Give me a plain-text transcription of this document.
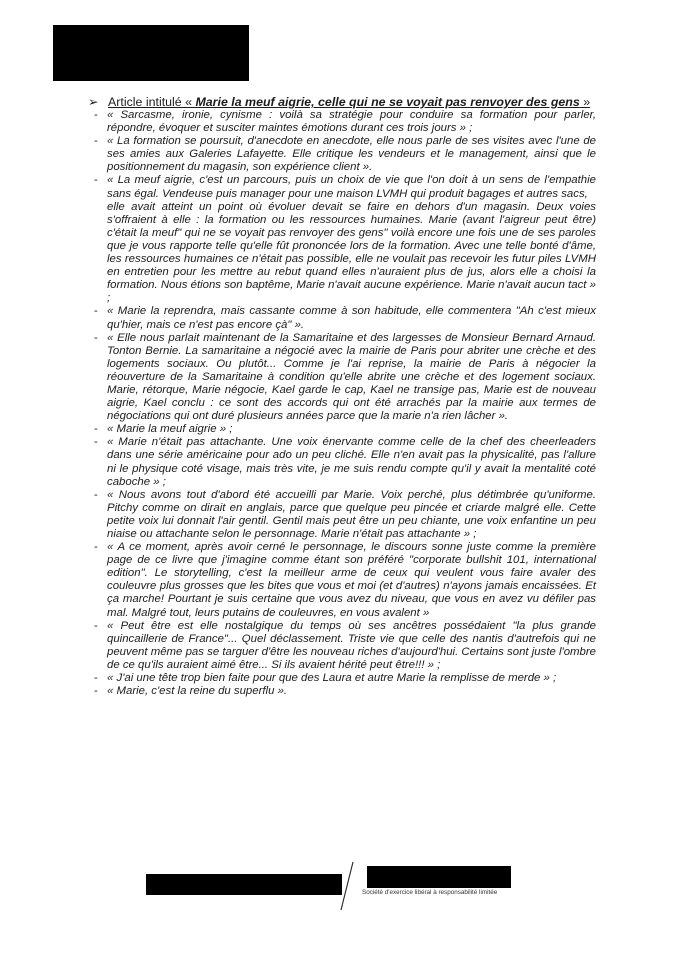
➢ Article intitulé « Marie la meuf aigrie, celle qui ne se voyait pas renvoyer des gens »
- « Sarcasme, ironie, cynisme : voilà sa stratégie pour conduire sa formation pour parler, répondre, évoquer et susciter maintes émotions durant ces trois jours » ;
- « La formation se poursuit, d'anecdote en anecdote, elle nous parle de ses visites avec l'une de ses amies aux Galeries Lafayette. Elle critique les vendeurs et le management, ainsi que le positionnement du magasin, son expérience client ».
- « La meuf aigrie, c'est un parcours, puis un choix de vie que l'on doit à un sens de l'empathie sans égal. Vendeuse puis manager pour une maison LVMH qui produit bagages et autres sacs,
elle avait atteint un point où évoluer devait se faire en dehors d'un magasin. Deux voies s'offraient à elle : la formation ou les ressources humaines. Marie (avant l'aigreur peut être) c'était la meuf" qui ne se voyait pas renvoyer des gens" voilà encore une fois une de ses paroles que je vous rapporte telle qu'elle fût prononcée lors de la formation. Avec une telle bonté d'âme, les ressources humaines ce n'était pas possible, elle ne voulait pas recevoir les futur piles LVMH en entretien pour les mettre au rebut quand elles n'auraient plus de jus, alors elle a choisi la formation. Nous étions son baptême, Marie n'avait aucune expérience. Marie n'avait aucun tact » ;
- « Marie la reprendra, mais cassante comme à son habitude, elle commentera "Ah c'est mieux qu'hier, mais ce n'est pas encore çà" ».
- « Elle nous parlait maintenant de la Samaritaine et des largesses de Monsieur Bernard Arnaud. Tonton Bernie. La samaritaine a négocié avec la mairie de Paris pour abriter une crèche et des logements sociaux. Ou plutôt... Comme je l'ai reprise, la mairie de Paris à négocier la réouverture de la Samaritaine à condition qu'elle abrite une crèche et des logement sociaux. Marie, rétorque, Marie négocie, Kael garde le cap, Kael ne transige pas, Marie est de nouveau aigrie, Kael conclu : ce sont des accords qui ont été arrachés par la mairie aux termes de négociations qui ont duré plusieurs années parce que la marie n'a rien lâcher ».
- « Marie la meuf aigrie » ;
- « Marie n'était pas attachante. Une voix énervante comme celle de la chef des cheerleaders dans une série américaine pour ado un peu cliché. Elle n'en avait pas la physicalité, pas l'allure ni le physique coté visage, mais très vite, je me suis rendu compte qu'il y avait la mentalité coté caboche » ;
- « Nous avons tout d'abord été accueilli par Marie. Voix perché, plus détimbrée qu'uniforme. Pitchy comme on dirait en anglais, parce que quelque peu pincée et criarde malgré elle. Cette petite voix lui donnait l'air gentil. Gentil mais peut être un peu chiante, une voix enfantine un peu niaise ou attachante selon le personnage. Marie n'était pas attachante » ;
- « A ce moment, après avoir cerné le personnage, le discours sonne juste comme la première page de ce livre que j'imagine comme étant son préféré "corporate bullshit 101, international edition". Le storytelling, c'est la meilleur arme de ceux qui veulent vous faire avaler des couleuvre plus grosses que les bites que vous et moi (et d'autres) n'ayons jamais encaissées. Et ça marche! Pourtant je suis certaine que vous avez du niveau, que vous en avez vu défiler pas mal. Malgré tout, leurs putains de couleuvres, en vous avalent »
- « Peut être est elle nostalgique du temps où ses ancêtres possédaient "la plus grande quincaillerie de France"... Quel déclassement. Triste vie que celle des nantis d'autrefois qui ne peuvent même pas se targuer d'être les nouveau riches d'aujourd'hui. Certains sont juste l'ombre de ce qu'ils auraient aimé être... Si ils avaient hérité peut être!!! » ;
- « J'ai une tête trop bien faite pour que des Laura et autre Marie la remplisse de merde » ;
- « Marie, c'est la reine du superflu ».
Société d'exercice libéral à responsabilité limitée
